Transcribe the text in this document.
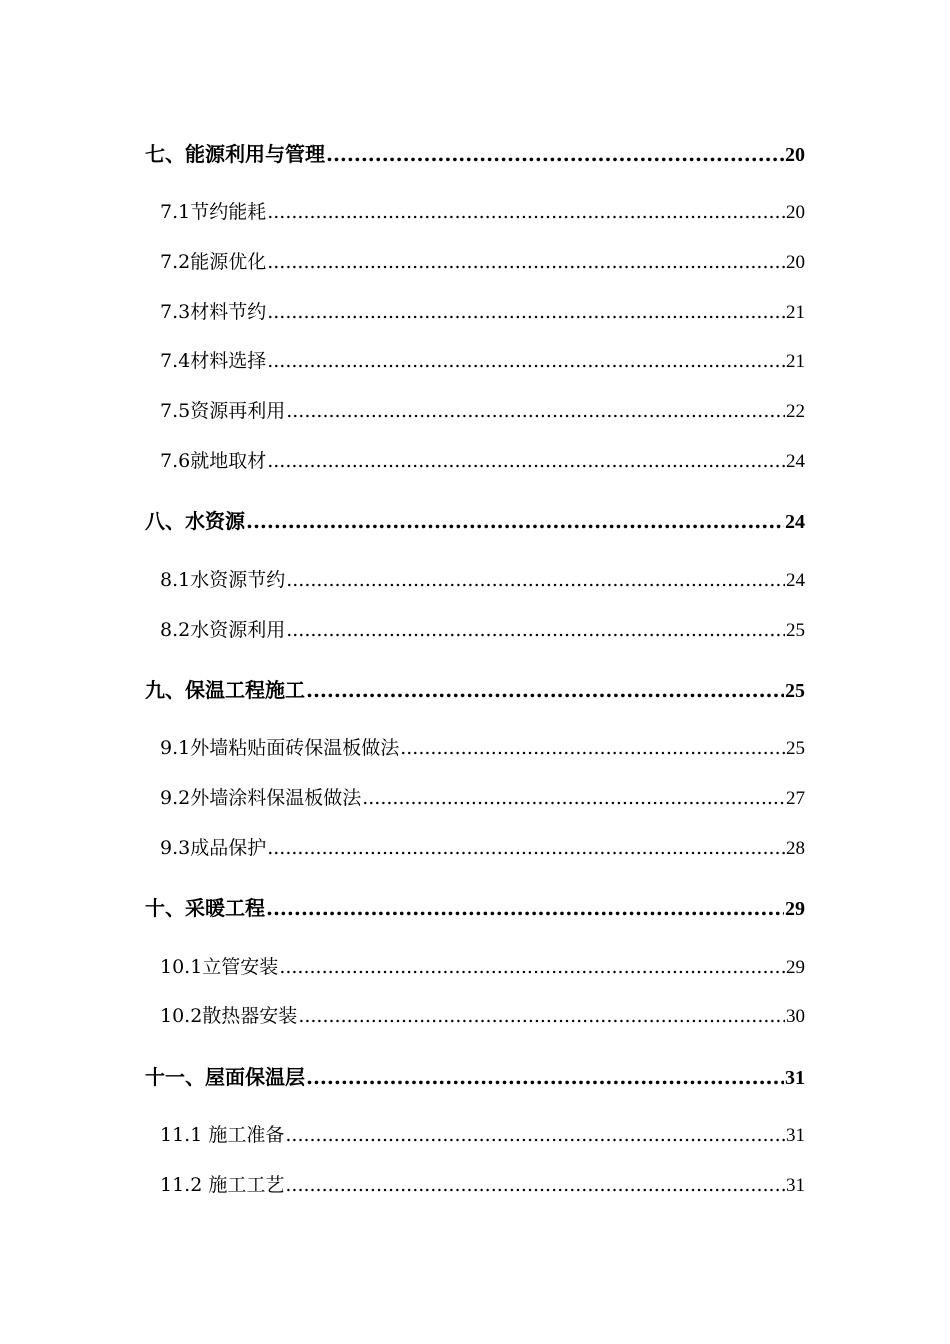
七、能源利用与管理 .....	20
7.1节约能耗 .....	20
7.2能源优化 .....	20
7.3材料节约 .....	21
7.4材料选择 .....	21
7.5资源再利用 .....	22
7.6就地取材 .....	24
八、水资源 .....	24
8.1水资源节约 .....	24
8.2水资源利用 .....	25
九、保温工程施工 .....	25
9.1外墙粘贴面砖保温板做法 .....	25
9.2外墙涂料保温板做法 .....	27
9.3成品保护 .....	28
十、采暖工程 .....	29
10.1立管安装 .....	29
10.2散热器安装 .....	30
十一、屋面保温层 .....	31
11.1 施工准备 .....	31
11.2 施工工艺 .....	31
